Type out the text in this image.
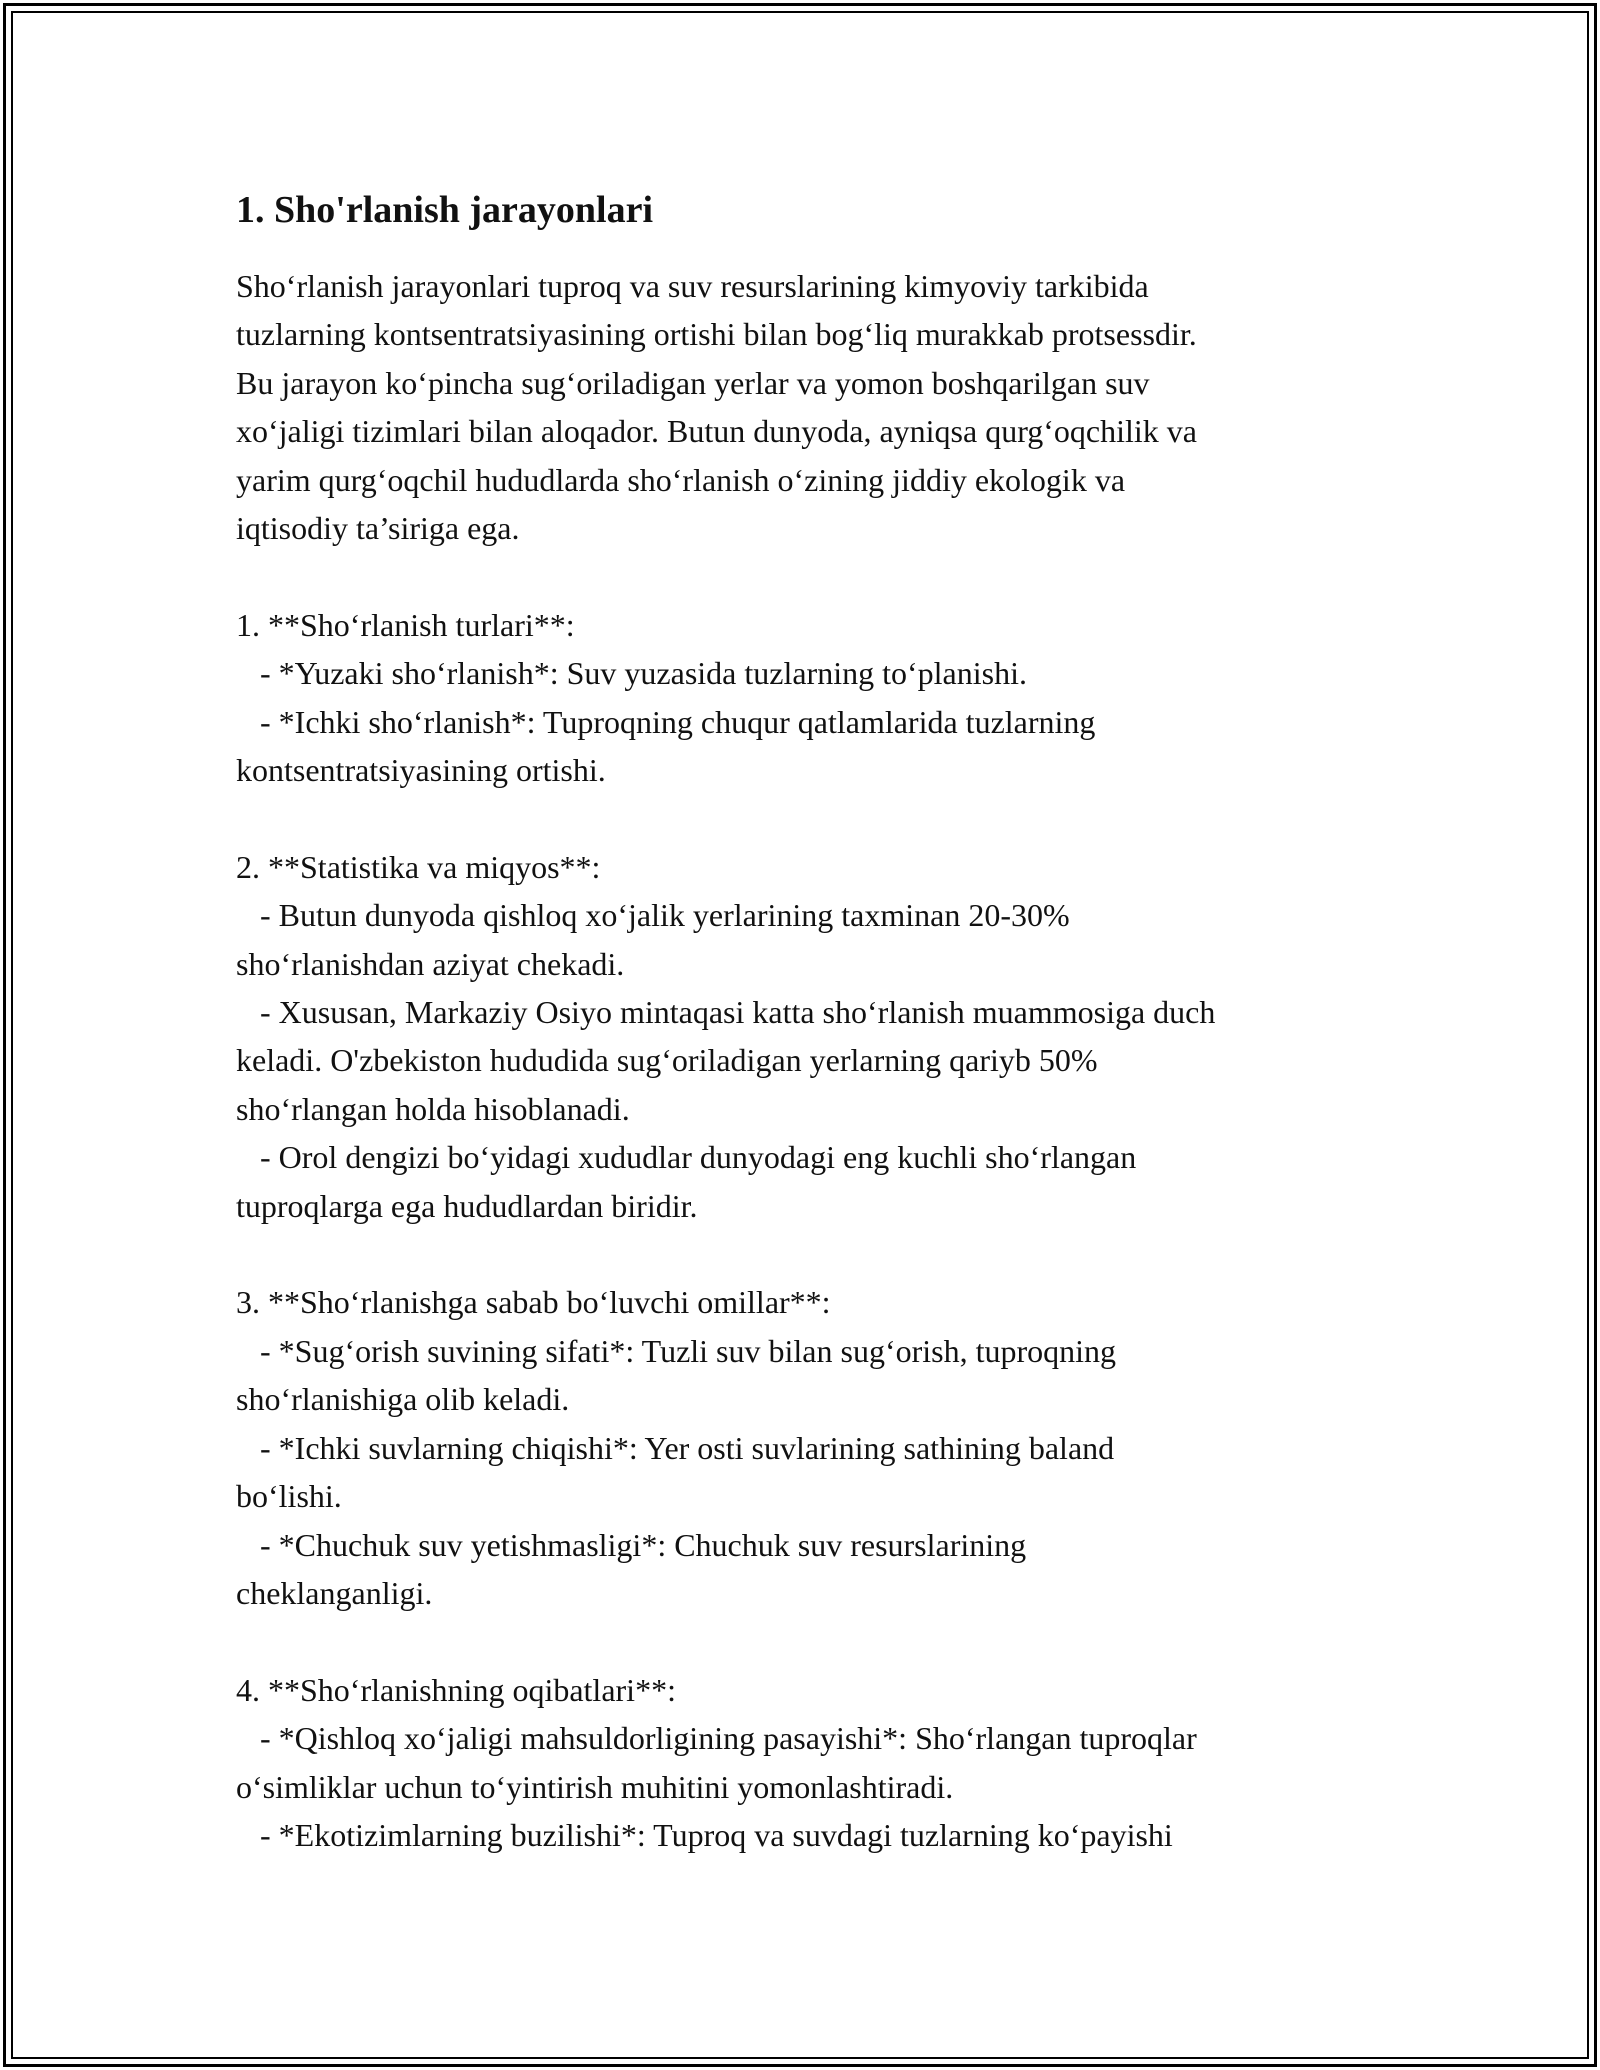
1. Sho'rlanish jarayonlari
Sho‘rlanish jarayonlari tuproq va suv resurslarining kimyoviy tarkibida
tuzlarning kontsentratsiyasining ortishi bilan bog‘liq murakkab protsessdir.
Bu jarayon ko‘pincha sug‘oriladigan yerlar va yomon boshqarilgan suv
xo‘jaligi tizimlari bilan aloqador. Butun dunyoda, ayniqsa qurg‘oqchilik va
yarim qurg‘oqchil hududlarda sho‘rlanish o‘zining jiddiy ekologik va
iqtisodiy ta’siriga ega.
1. **Sho‘rlanish turlari**:
- *Yuzaki sho‘rlanish*: Suv yuzasida tuzlarning to‘planishi.
- *Ichki sho‘rlanish*: Tuproqning chuqur qatlamlarida tuzlarning
kontsentratsiyasining ortishi.
2. **Statistika va miqyos**:
- Butun dunyoda qishloq xo‘jalik yerlarining taxminan 20-30%
sho‘rlanishdan aziyat chekadi.
- Xususan, Markaziy Osiyo mintaqasi katta sho‘rlanish muammosiga duch
keladi. O'zbekiston hududida sug‘oriladigan yerlarning qariyb 50%
sho‘rlangan holda hisoblanadi.
- Orol dengizi bo‘yidagi xududlar dunyodagi eng kuchli sho‘rlangan
tuproqlarga ega hududlardan biridir.
3. **Sho‘rlanishga sabab bo‘luvchi omillar**:
- *Sug‘orish suvining sifati*: Tuzli suv bilan sug‘orish, tuproqning
sho‘rlanishiga olib keladi.
- *Ichki suvlarning chiqishi*: Yer osti suvlarining sathining baland
bo‘lishi.
- *Chuchuk suv yetishmasligi*: Chuchuk suv resurslarining
cheklanganligi.
4. **Sho‘rlanishning oqibatlari**:
- *Qishloq xo‘jaligi mahsuldorligining pasayishi*: Sho‘rlangan tuproqlar
o‘simliklar uchun to‘yintirish muhitini yomonlashtiradi.
- *Ekotizimlarning buzilishi*: Tuproq va suvdagi tuzlarning ko‘payishi
